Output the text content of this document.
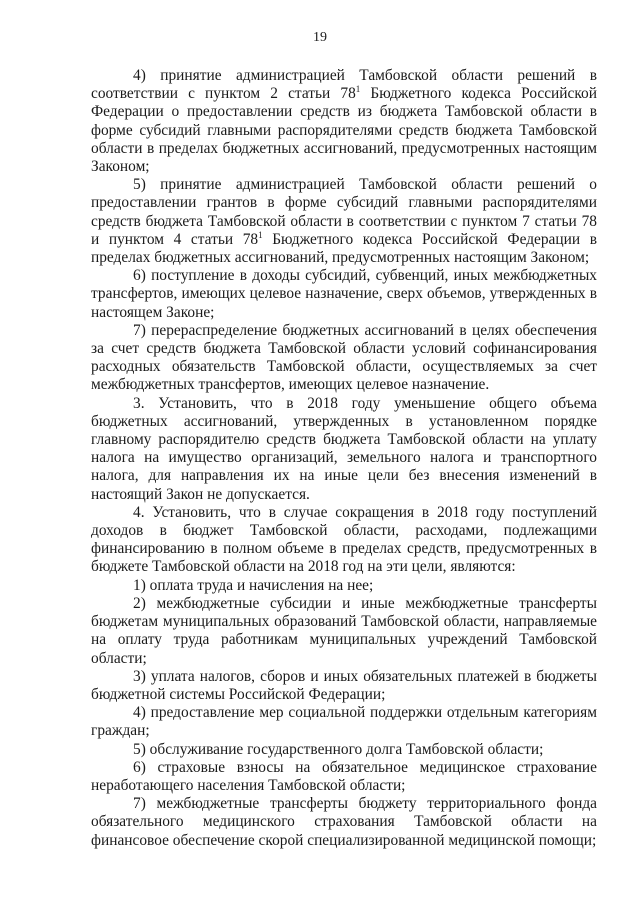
19

4) принятие администрацией Тамбовской области решений в соответствии с пунктом 2 статьи $78^1$ Бюджетного кодекса Российской Федерации о предоставлении средств из бюджета Тамбовской области в форме субсидий главными распорядителями средств бюджета Тамбовской области в пределах бюджетных ассигнований, предусмотренных настоящим Законом;

5) принятие администрацией Тамбовской области решений о предоставлении грантов в форме субсидий главными распорядителями средств бюджета Тамбовской области в соответствии с пунктом 7 статьи 78 и пунктом 4 статьи $78^1$ Бюджетного кодекса Российской Федерации в пределах бюджетных ассигнований, предусмотренных настоящим Законом;

6) поступление в доходы субсидий, субвенций, иных межбюджетных трансфертов, имеющих целевое назначение, сверх объемов, утвержденных в настоящем Законе;

7) перераспределение бюджетных ассигнований в целях обеспечения за счет средств бюджета Тамбовской области условий софинансирования расходных обязательств Тамбовской области, осуществляемых за счет межбюджетных трансфертов, имеющих целевое назначение.

3. Установить, что в 2018 году уменьшение общего объема бюджетных ассигнований, утвержденных в установленном порядке главному распорядителю средств бюджета Тамбовской области на уплату налога на имущество организаций, земельного налога и транспортного налога, для направления их на иные цели без внесения изменений в настоящий Закон не допускается.

4. Установить, что в случае сокращения в 2018 году поступлений доходов в бюджет Тамбовской области, расходами, подлежащими финансированию в полном объеме в пределах средств, предусмотренных в бюджете Тамбовской области на 2018 год на эти цели, являются:

1) оплата труда и начисления на нее;

2) межбюджетные субсидии и иные межбюджетные трансферты бюджетам муниципальных образований Тамбовской области, направляемые на оплату труда работникам муниципальных учреждений Тамбовской области;

3) уплата налогов, сборов и иных обязательных платежей в бюджеты бюджетной системы Российской Федерации;

4) предоставление мер социальной поддержки отдельным категориям граждан;

5) обслуживание государственного долга Тамбовской области;

6) страховые взносы на обязательное медицинское страхование неработающего населения Тамбовской области;

7) межбюджетные трансферты бюджету территориального фонда обязательного медицинского страхования Тамбовской области на финансовое обеспечение скорой специализированной медицинской помощи;
